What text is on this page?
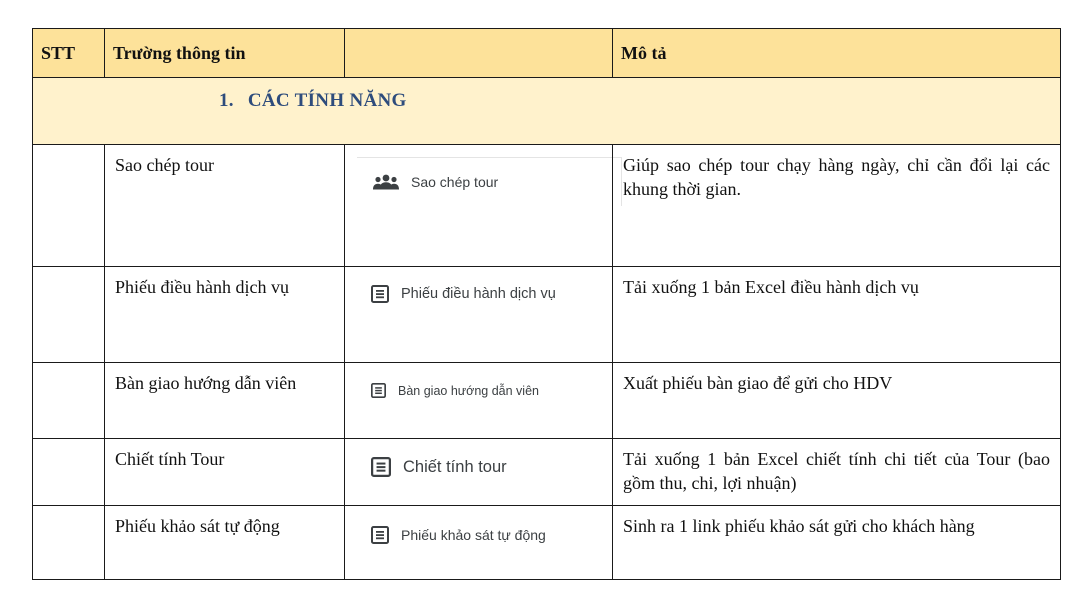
STT	Trường thông tin		Mô tả

1. CÁC TÍNH NĂNG			

	Sao chép tour	Sao chép tour	Giúp sao chép tour chạy hàng ngày, chỉ cần đổi lại các khung thời gian.

	Phiếu điều hành dịch vụ	Phiếu điều hành dịch vụ	Tải xuống 1 bản Excel điều hành dịch vụ

	Bàn giao hướng dẫn viên	Bàn giao hướng dẫn viên	Xuất phiếu bàn giao để gửi cho HDV

	Chiết tính Tour	Chiết tính tour	Tải xuống 1 bản Excel chiết tính chi tiết của Tour (bao gồm thu, chi, lợi nhuận)

	Phiếu khảo sát tự động	Phiếu khảo sát tự động	Sinh ra 1 link phiếu khảo sát gửi cho khách hàng
